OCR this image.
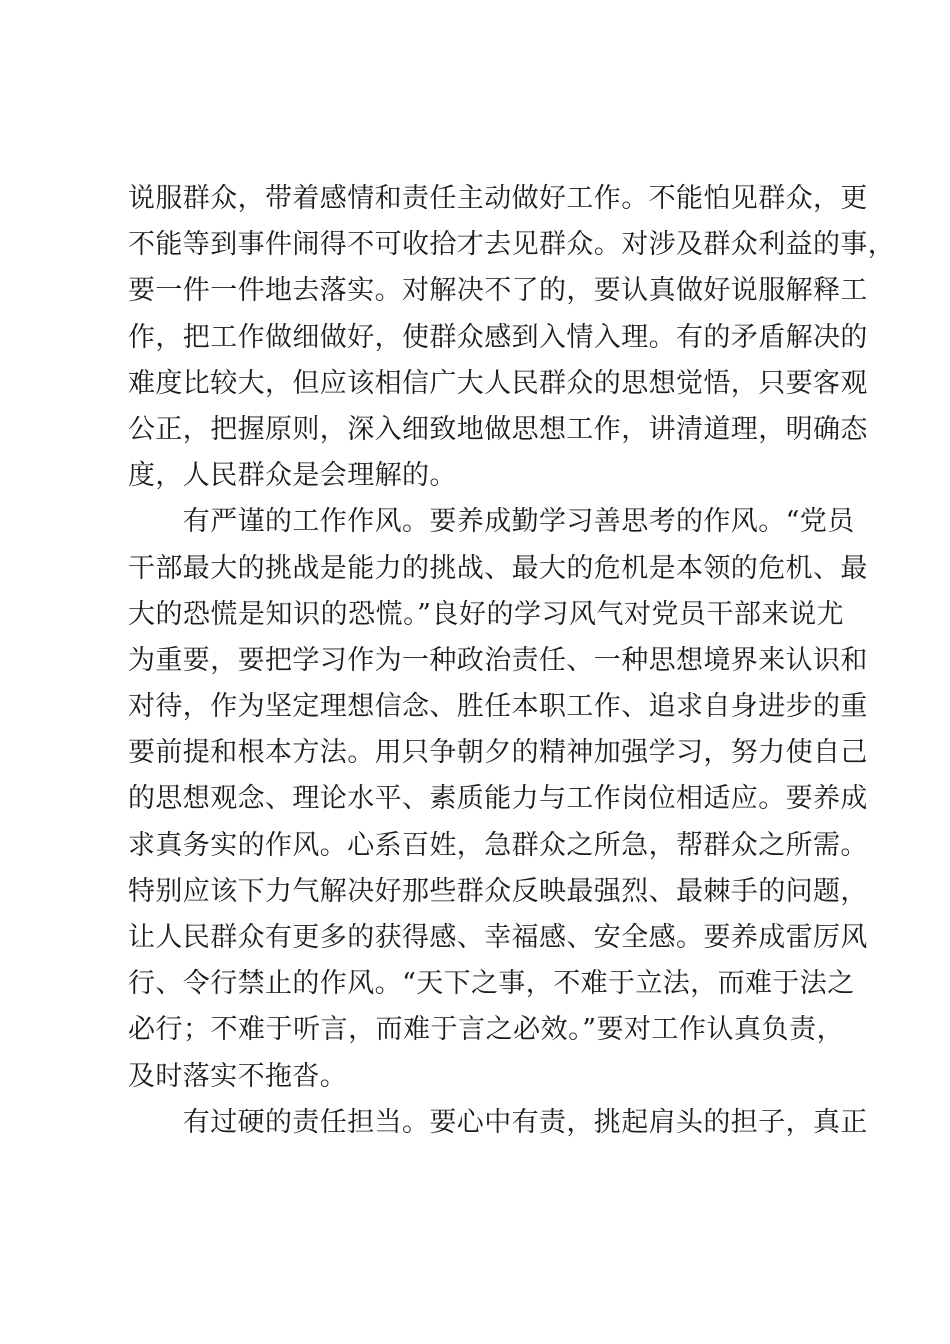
说服群众，带着感情和责任主动做好工作。不能怕见群众，更
不能等到事件闹得不可收拾才去见群众。对涉及群众利益的事，
要一件一件地去落实。对解决不了的，要认真做好说服解释工
作，把工作做细做好，使群众感到入情入理。有的矛盾解决的
难度比较大，但应该相信广大人民群众的思想觉悟，只要客观
公正，把握原则，深入细致地做思想工作，讲清道理，明确态
度，人民群众是会理解的。
　　有严谨的工作作风。要养成勤学习善思考的作风。“党员
干部最大的挑战是能力的挑战、最大的危机是本领的危机、最
大的恐慌是知识的恐慌。”良好的学习风气对党员干部来说尤
为重要，要把学习作为一种政治责任、一种思想境界来认识和
对待，作为坚定理想信念、胜任本职工作、追求自身进步的重
要前提和根本方法。用只争朝夕的精神加强学习，努力使自己
的思想观念、理论水平、素质能力与工作岗位相适应。要养成
求真务实的作风。心系百姓，急群众之所急，帮群众之所需。
特别应该下力气解决好那些群众反映最强烈、最棘手的问题，
让人民群众有更多的获得感、幸福感、安全感。要养成雷厉风
行、令行禁止的作风。“天下之事，不难于立法，而难于法之
必行；不难于听言，而难于言之必效。”要对工作认真负责，
及时落实不拖沓。
　　有过硬的责任担当。要心中有责，挑起肩头的担子，真正
